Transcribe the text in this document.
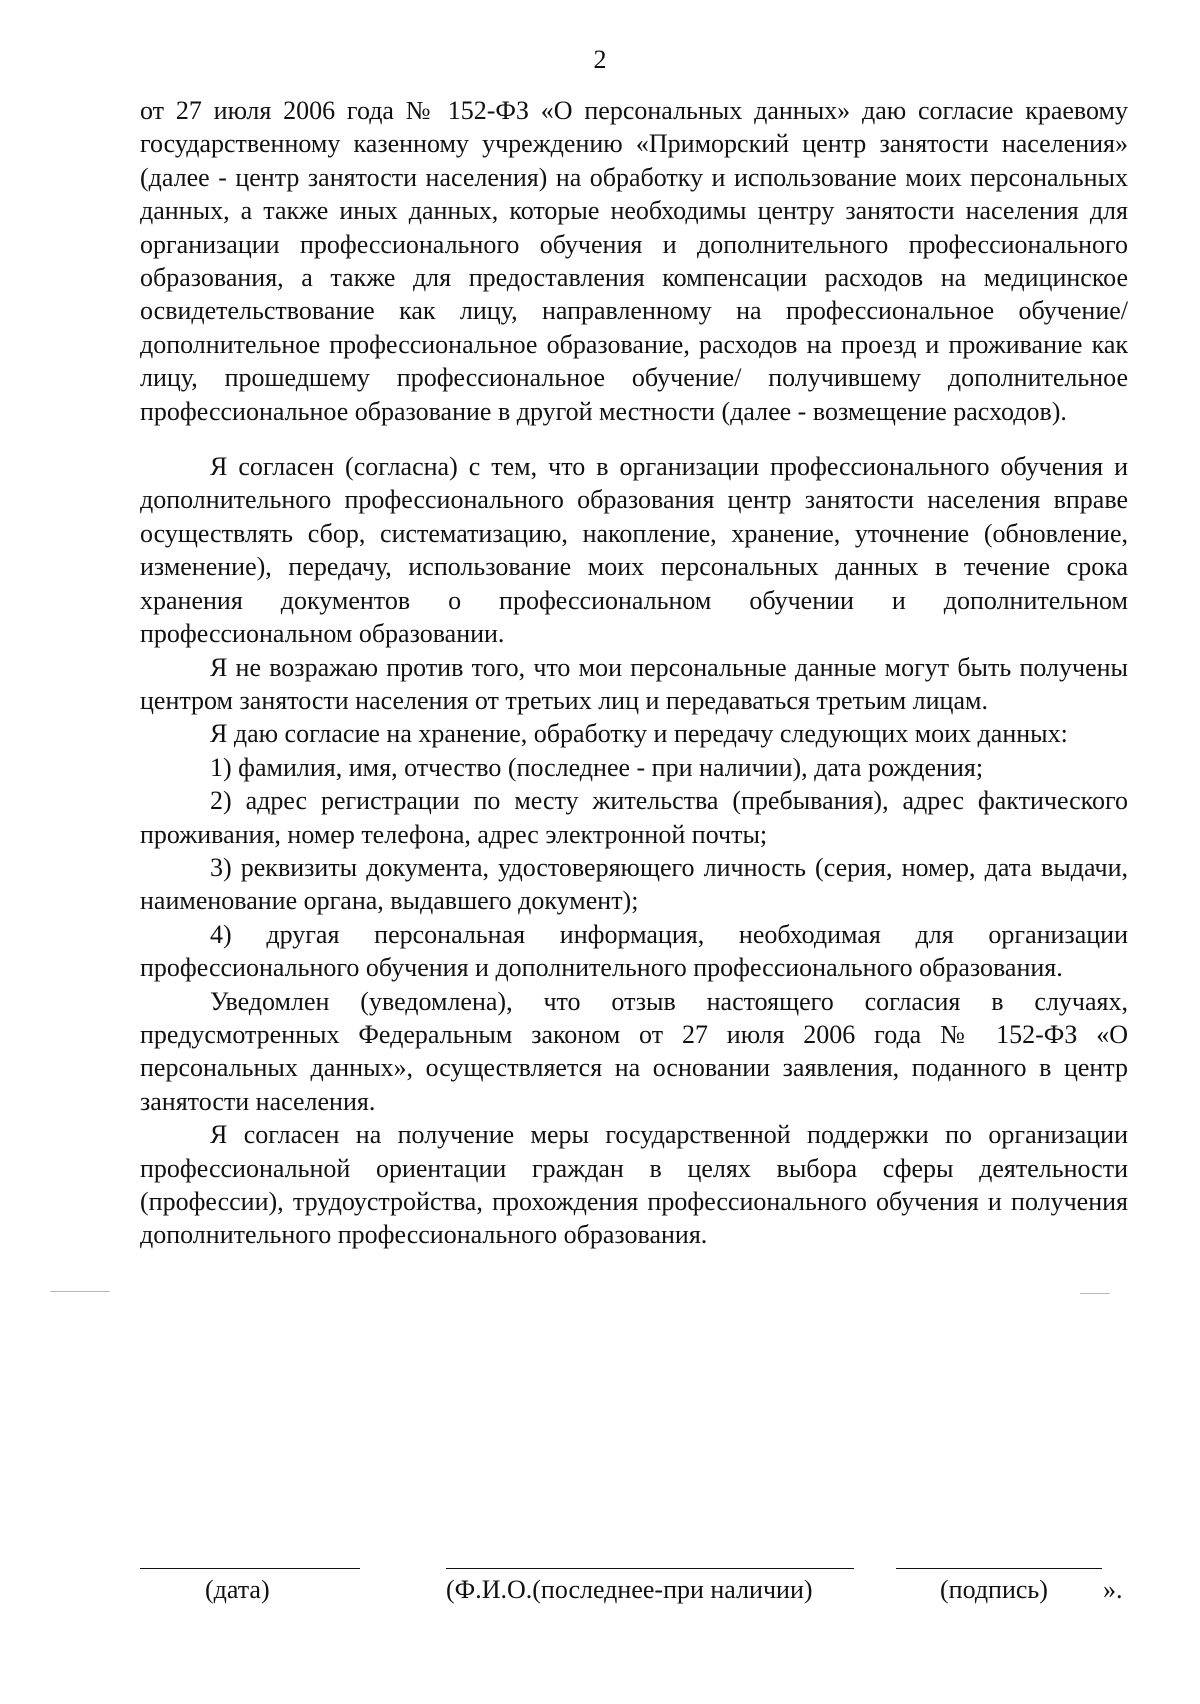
2

от 27 июля 2006 года № 152-ФЗ «О персональных данных» даю согласие краевому государственному казенному учреждению «Приморский центр занятости населения» (далее - центр занятости населения) на обработку и использование моих персональных данных, а также иных данных, которые необходимы центру занятости населения для организации профессионального обучения и дополнительного профессионального образования, а также для предоставления компенсации расходов на медицинское освидетельствование как лицу, направленному на профессиональное обучение/дополнительное профессиональное образование, расходов на проезд и проживание как лицу, прошедшему профессиональное обучение/ получившему дополнительное профессиональное образование в другой местности (далее - возмещение расходов).

Я согласен (согласна) с тем, что в организации профессионального обучения и дополнительного профессионального образования центр занятости населения вправе осуществлять сбор, систематизацию, накопление, хранение, уточнение (обновление, изменение), передачу, использование моих персональных данных в течение срока хранения документов о профессиональном обучении и дополнительном профессиональном образовании.

Я не возражаю против того, что мои персональные данные могут быть получены центром занятости населения от третьих лиц и передаваться третьим лицам.

Я даю согласие на хранение, обработку и передачу следующих моих данных:

1) фамилия, имя, отчество (последнее - при наличии), дата рождения;

2) адрес регистрации по месту жительства (пребывания), адрес фактического проживания, номер телефона, адрес электронной почты;

3) реквизиты документа, удостоверяющего личность (серия, номер, дата выдачи, наименование органа, выдавшего документ);

4) другая персональная информация, необходимая для организации профессионального обучения и дополнительного профессионального образования.

Уведомлен (уведомлена), что отзыв настоящего согласия в случаях, предусмотренных Федеральным законом от 27 июля 2006 года № 152-ФЗ «О персональных данных», осуществляется на основании заявления, поданного в центр занятости населения.

Я согласен на получение меры государственной поддержки по организации профессиональной ориентации граждан в целях выбора сферы деятельности (профессии), трудоустройства, прохождения профессионального обучения и получения дополнительного профессионального образования.

(дата)	(Ф.И.О.(последнее-при наличии)	(подпись) ».
